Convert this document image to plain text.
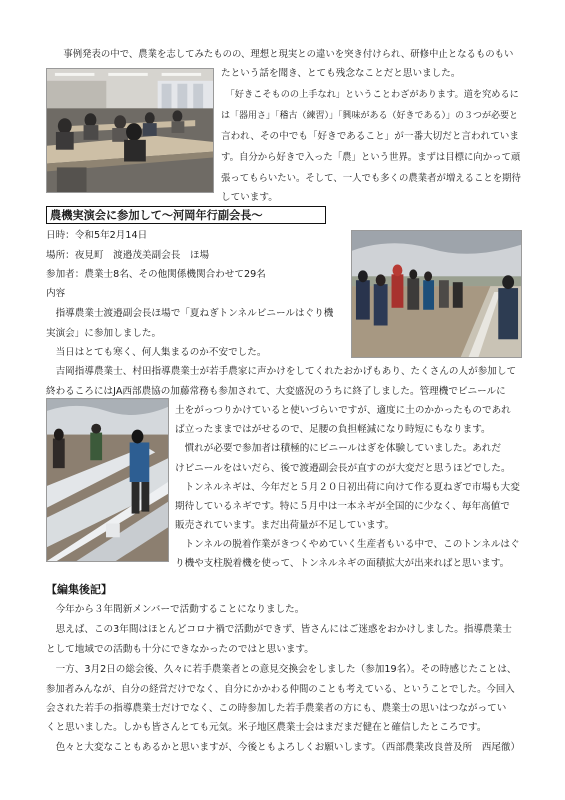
　事例発表の中で、農業を志してみたものの、理想と現実との違いを突き付けられ、研修中止となるものもい

たという話を聞き、とても残念なことだと思いました。

　「好きこそものの上手なれ」ということわざがあります。道を究めるに

は「器用さ」「稽古（練習）」「興味がある（好きである）」の３つが必要と

言われ、その中でも「好きであること」が一番大切だと言われていま

す。自分から好きで入った「農」という世界。まずは目標に向かって頑

張ってもらいたい。そして、一人でも多くの農業者が増えることを期待

しています。

農機実演会に参加して～河岡年行副会長～

日時：令和5年2月14日

場所：夜見町　渡邉茂美副会長　ほ場

参加者：農業士8名、その他関係機関合わせて29名

内容

　指導農業士渡邉副会長ほ場で「夏ねぎトンネルビニールはぐり機

実演会」に参加しました。

　当日はとても寒く、何人集まるのか不安でした。

　吉岡指導農業士、村田指導農業士が若手農家に声かけをしてくれたおかげもあり、たくさんの人が参加して

終わるころにはJA西部農協の加藤常務も参加されて、大変盛況のうちに終了しました。管理機でビニールに

土をがっつりかけていると使いづらいですが、適度に土のかかったものであれ

ば立ったままではがせるので、足腰の負担軽減になり時短にもなります。

　慣れが必要で参加者は積極的にビニールはぎを体験していました。あれだ

けビニールをはいだら、後で渡邉副会長が直すのが大変だと思うほどでした。

　トンネルネギは、今年だと５月２０日初出荷に向けて作る夏ねぎで市場も大変

期待しているネギです。特に５月中は一本ネギが全国的に少なく、毎年高値で

販売されています。まだ出荷量が不足しています。

　トンネルの脱着作業がきつくやめていく生産者もいる中で、このトンネルはぐ

り機や支柱脱着機を使って、トンネルネギの面積拡大が出来ればと思います。

【編集後記】

　今年から３年間新メンバーで活動することになりました。

　思えば、この3年間はほとんどコロナ禍で活動ができず、皆さんにはご迷惑をおかけしました。指導農業士

として地域での活動も十分にできなかったのではと思います。

　一方、3月2日の総会後、久々に若手農業者との意見交換会をしました（参加19名）。その時感じたことは、

参加者みんなが、自分の経営だけでなく、自分にかかわる仲間のことも考えている、ということでした。今回入

会された若手の指導農業士だけでなく、この時参加した若手農業者の方にも、農業士の思いはつながってい

くと思いました。しかも皆さんとても元気。米子地区農業士会はまだまだ健在と確信したところです。

　色々と大変なこともあるかと思いますが、今後ともよろしくお願いします。（西部農業改良普及所　西尾徹）
